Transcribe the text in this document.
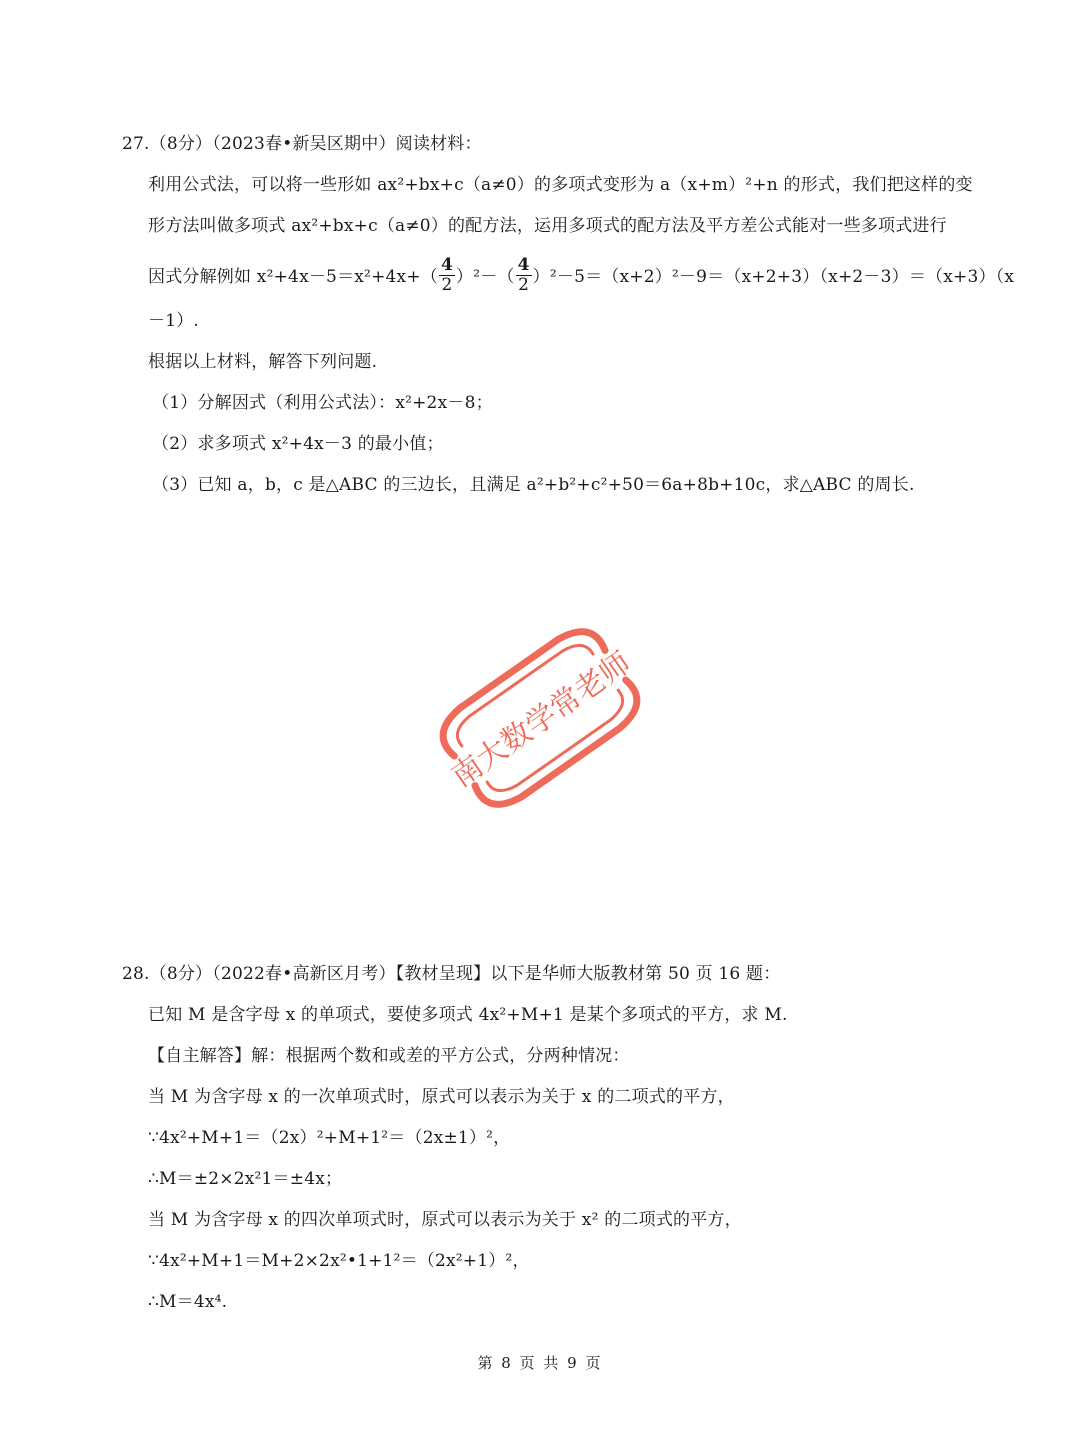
27.（8分）（2023春•新吴区期中）阅读材料：
利用公式法，可以将一些形如 ax²+bx+c（a≠0）的多项式变形为 a（x+m）²+n 的形式，我们把这样的变
形方法叫做多项式 ax²+bx+c（a≠0）的配方法，运用多项式的配方法及平方差公式能对一些多项式进行
因式分解例如 $x^2+4x-5=x^2+4x+( \frac{4}{2} )^2-( \frac{4}{2} )^2-5=(x+2)^2-9=(x+2+3)(x+2-3)=(x+3)(x$
－1）.
根据以上材料，解答下列问题.
（1）分解因式（利用公式法）：x²+2x－8；
（2）求多项式 x²+4x－3 的最小值；
（3）已知 a，b，c 是△ABC 的三边长，且满足 a²+b²+c²+50＝6a+8b+10c，求△ABC 的周长.
南大数学常老师
28.（8分）（2022春•高新区月考）【教材呈现】以下是华师大版教材第 50 页 16 题：
已知 M 是含字母 x 的单项式，要使多项式 4x²+M+1 是某个多项式的平方，求 M.
【自主解答】解：根据两个数和或差的平方公式，分两种情况：
当 M 为含字母 x 的一次单项式时，原式可以表示为关于 x 的二项式的平方，
∵4x²+M+1＝（2x）²+M+1²＝（2x±1）²，
∴M＝±2×2x²1＝±4x；
当 M 为含字母 x 的四次单项式时，原式可以表示为关于 x² 的二项式的平方，
∵4x²+M+1＝M+2×2x²•1+1²＝（2x²+1）²，
∴M＝4x⁴.
第 8 页 共 9 页
